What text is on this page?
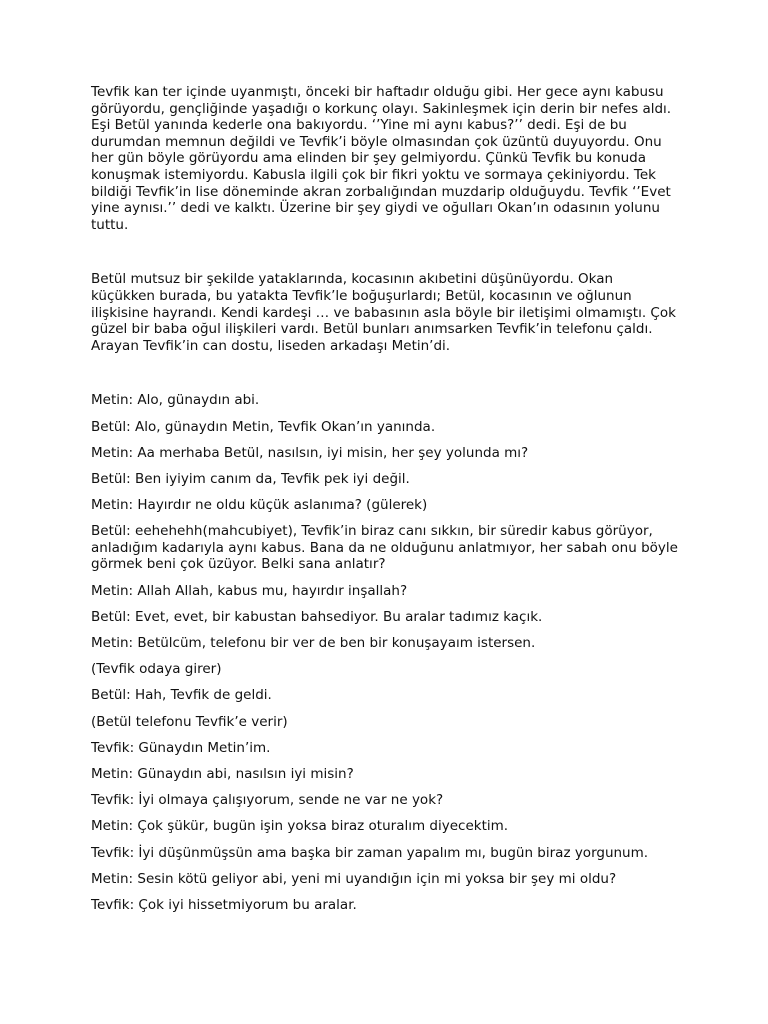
Tevfik kan ter içinde uyanmıştı, önceki bir haftadır olduğu gibi. Her gece aynı kabusu görüyordu, gençliğinde yaşadığı o korkunç olayı. Sakinleşmek için derin bir nefes aldı. Eşi Betül yanında kederle ona bakıyordu. ‘’Yine mi aynı kabus?’’ dedi. Eşi de bu durumdan memnun değildi ve Tevfik’i böyle olmasından çok üzüntü duyuyordu. Onu her gün böyle görüyordu ama elinden bir şey gelmiyordu. Çünkü Tevfik bu konuda konuşmak istemiyordu. Kabusla ilgili çok bir fikri yoktu ve sormaya çekiniyordu. Tek bildiği Tevfik’in lise döneminde akran zorbalığından muzdarip olduğuydu. Tevfik ‘’Evet yine aynısı.’’ dedi ve kalktı. Üzerine bir şey giydi ve oğulları Okan’ın odasının yolunu tuttu.

Betül mutsuz bir şekilde yataklarında, kocasının akıbetini düşünüyordu. Okan küçükken burada, bu yatakta Tevfik’le boğuşurlardı; Betül, kocasının ve oğlunun ilişkisine hayrandı. Kendi kardeşi … ve babasının asla böyle bir iletişimi olmamıştı. Çok güzel bir baba oğul ilişkileri vardı. Betül bunları anımsarken Tevfik’in telefonu çaldı. Arayan Tevfik’in can dostu, liseden arkadaşı Metin’di.

Metin: Alo, günaydın abi.

Betül: Alo, günaydın Metin, Tevfik Okan’ın yanında.

Metin: Aa merhaba Betül, nasılsın, iyi misin, her şey yolunda mı?

Betül: Ben iyiyim canım da, Tevfik pek iyi değil.

Metin: Hayırdır ne oldu küçük aslanıma? (gülerek)

Betül: eehehehh(mahcubiyet), Tevfik’in biraz canı sıkkın, bir süredir kabus görüyor, anladığım kadarıyla aynı kabus. Bana da ne olduğunu anlatmıyor, her sabah onu böyle görmek beni çok üzüyor. Belki sana anlatır?

Metin: Allah Allah, kabus mu, hayırdır inşallah?

Betül: Evet, evet, bir kabustan bahsediyor. Bu aralar tadımız kaçık.

Metin: Betülcüm, telefonu bir ver de ben bir konuşayaım istersen.

(Tevfik odaya girer)

Betül: Hah, Tevfik de geldi.

(Betül telefonu Tevfik’e verir)

Tevfik: Günaydın Metin’im.

Metin: Günaydın abi, nasılsın iyi misin?

Tevfik: İyi olmaya çalışıyorum, sende ne var ne yok?

Metin: Çok şükür, bugün işin yoksa biraz oturalım diyecektim.

Tevfik: İyi düşünmüşsün ama başka bir zaman yapalım mı, bugün biraz yorgunum.

Metin: Sesin kötü geliyor abi, yeni mi uyandığın için mi yoksa bir şey mi oldu?

Tevfik: Çok iyi hissetmiyorum bu aralar.
